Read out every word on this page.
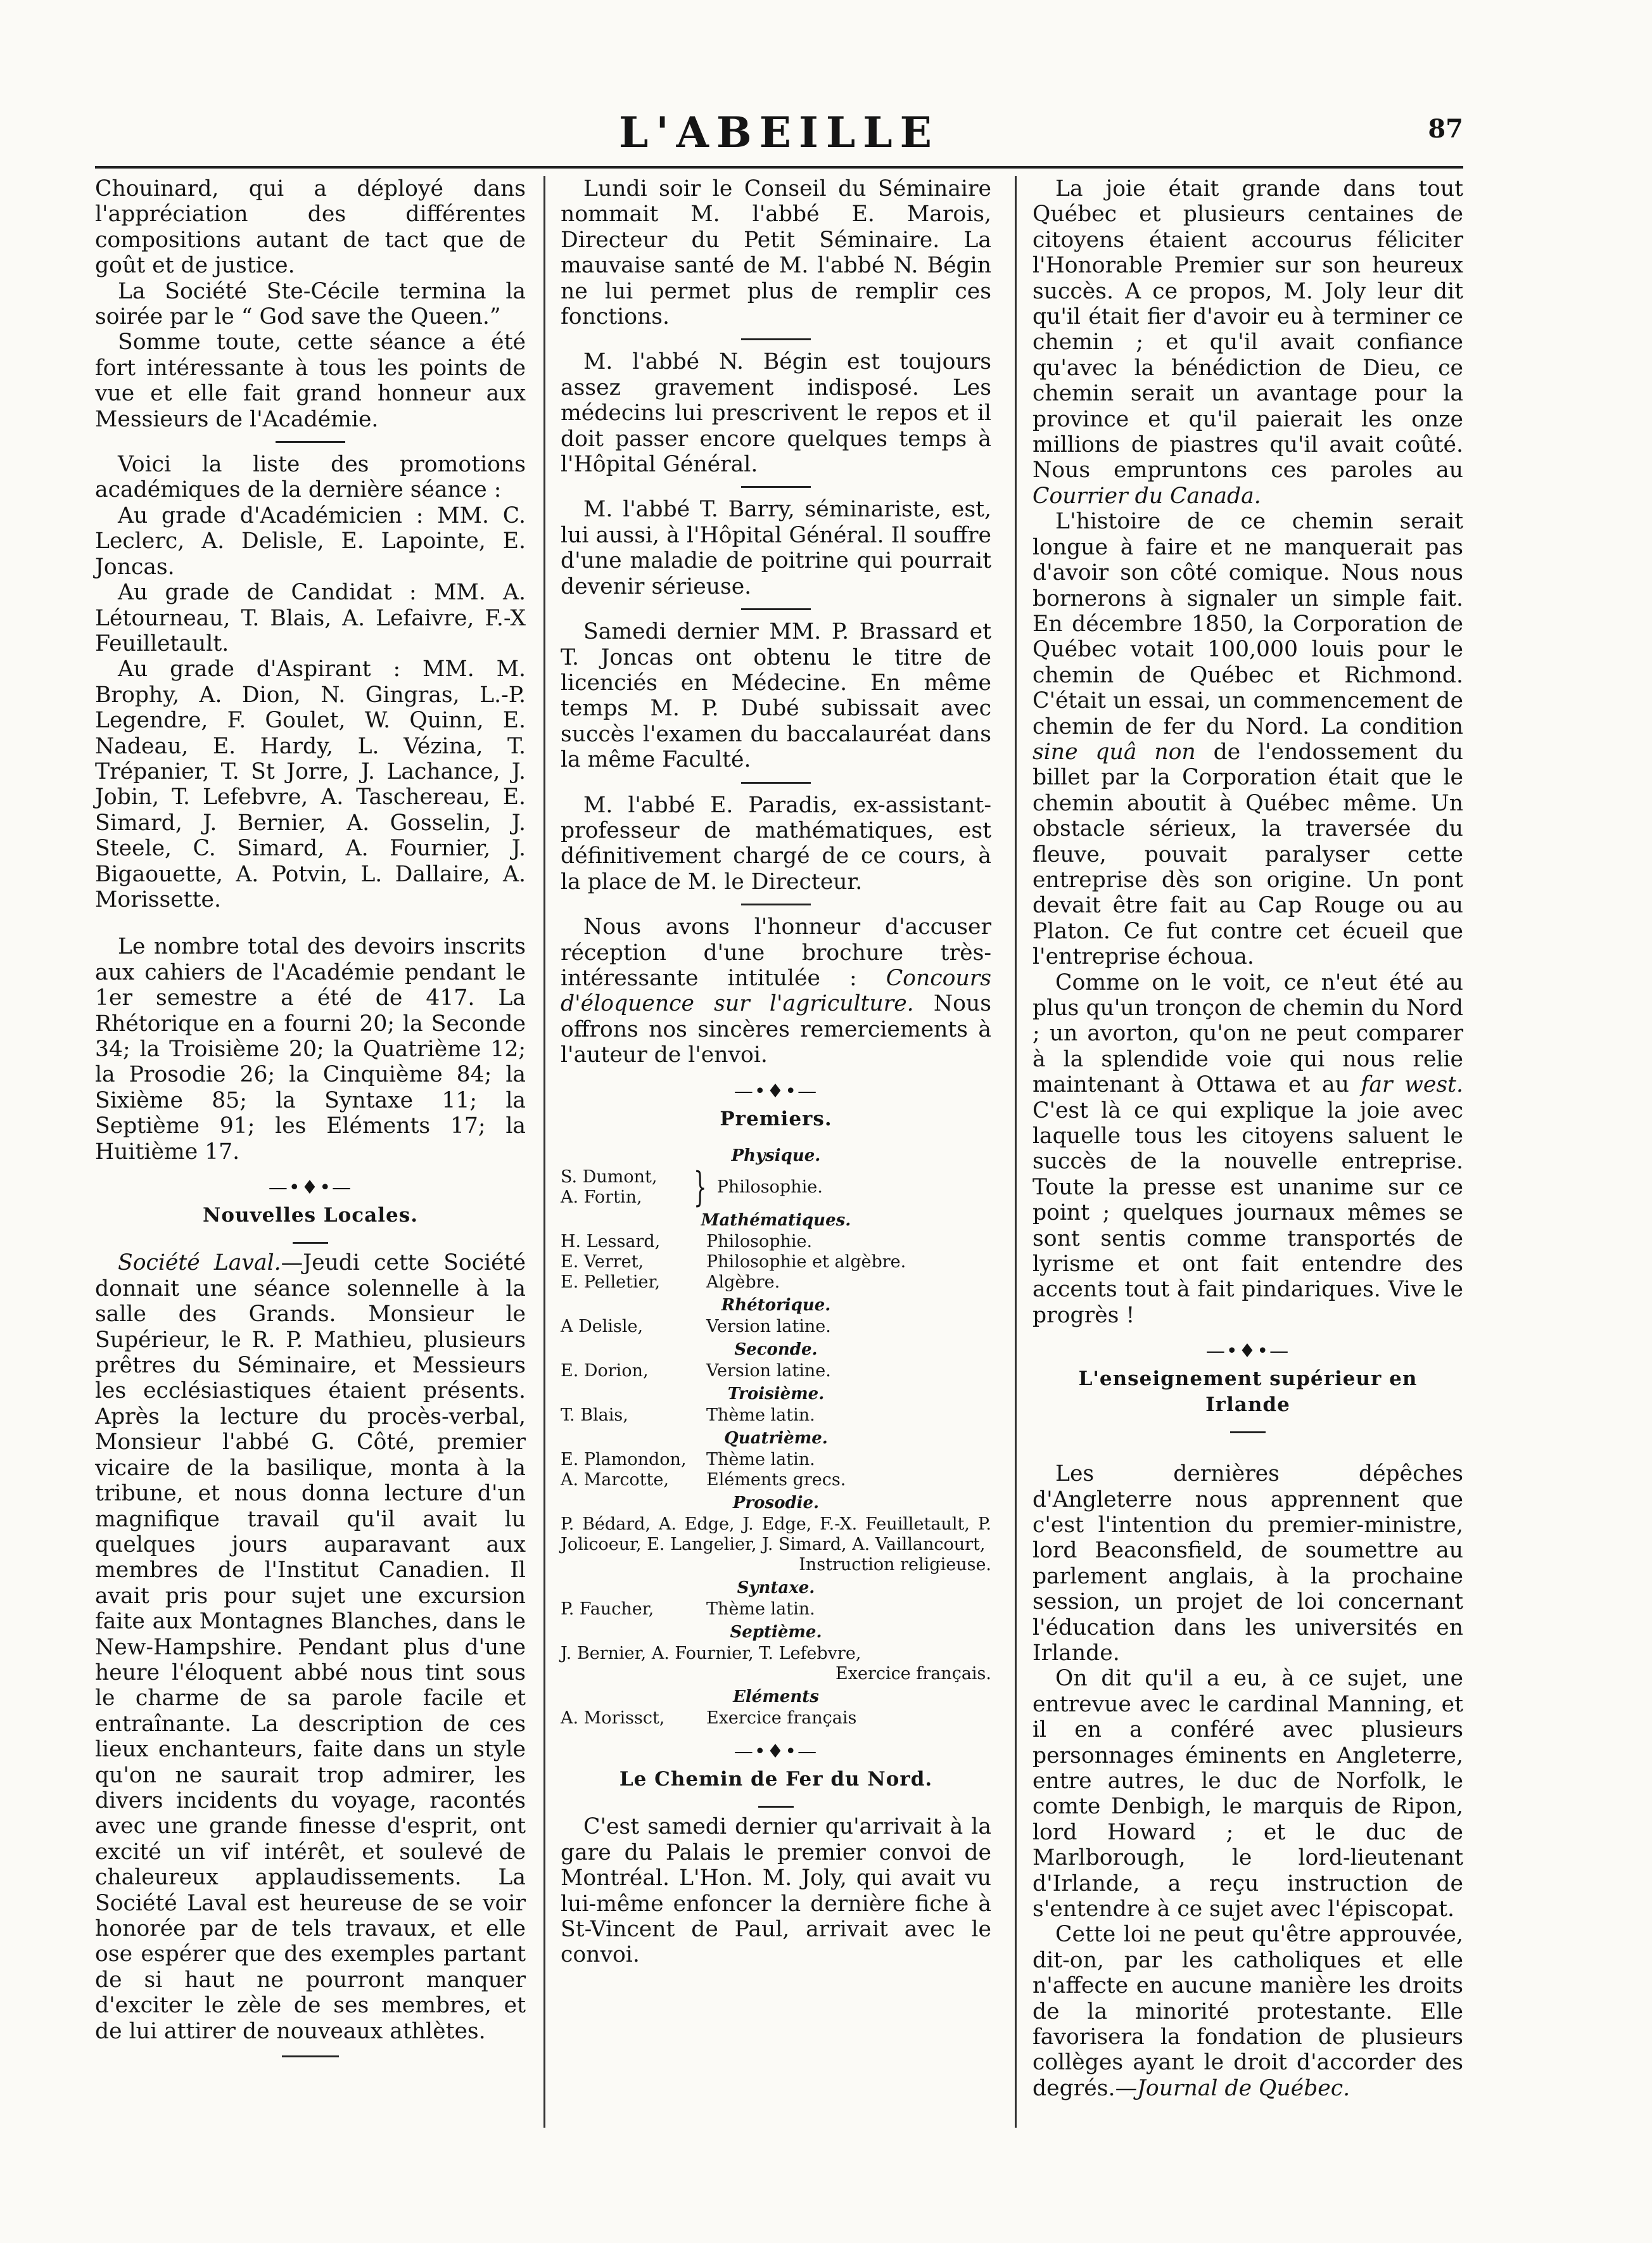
L'ABEILLE	87

Chouinard, qui a déployé dans l'appréciation des différentes compositions autant de tact que de goût et de justice.

La Société Ste-Cécile termina la soirée par le “ God save the Queen.”

Somme toute, cette séance a été fort intéressante à tous les points de vue et elle fait grand honneur aux Messieurs de l'Académie.

Voici la liste des promotions académiques de la dernière séance :

Au grade d'Académicien : MM. C. Leclerc, A. Delisle, E. Lapointe, E. Joncas.

Au grade de Candidat : MM. A. Létourneau, T. Blais, A. Lefaivre, F.-X Feuilletault.

Au grade d'Aspirant : MM. M. Brophy, A. Dion, N. Gingras, L.-P. Legendre, F. Goulet, W. Quinn, E. Nadeau, E. Hardy, L. Vézina, T. Trépanier, T. St Jorre, J. Lachance, J. Jobin, T. Lefebvre, A. Taschereau, E. Simard, J. Bernier, A. Gosselin, J. Steele, C. Simard, A. Fournier, J. Bigaouette, A. Potvin, L. Dallaire, A. Morissette.

Le nombre total des devoirs inscrits aux cahiers de l'Académie pendant le 1er semestre a été de 417. La Rhétorique en a fourni 20; la Seconde 34; la Troisième 20; la Quatrième 12; la Prosodie 26; la Cinquième 84; la Sixième 85; la Syntaxe 11; la Septième 91; les Eléments 17; la Huitième 17.

—•♦•—
Nouvelles Locales.

Société Laval.—Jeudi cette Société donnait une séance solennelle à la salle des Grands. Monsieur le Supérieur, le R. P. Mathieu, plusieurs prêtres du Séminaire, et Messieurs les ecclésiastiques étaient présents. Après la lecture du procès-verbal, Monsieur l'abbé G. Côté, premier vicaire de la basilique, monta à la tribune, et nous donna lecture d'un magnifique travail qu'il avait lu quelques jours auparavant aux membres de l'Institut Canadien. Il avait pris pour sujet une excursion faite aux Montagnes Blanches, dans le New-Hampshire. Pendant plus d'une heure l'éloquent abbé nous tint sous le charme de sa parole facile et entraînante. La description de ces lieux enchanteurs, faite dans un style qu'on ne saurait trop admirer, les divers incidents du voyage, racontés avec une grande finesse d'esprit, ont excité un vif intérêt, et soulevé de chaleureux applaudissements. La Société Laval est heureuse de se voir honorée par de tels travaux, et elle ose espérer que des exemples partant de si haut ne pourront manquer d'exciter le zèle de ses membres, et de lui attirer de nouveaux athlètes.

Lundi soir le Conseil du Séminaire nommait M. l'abbé E. Marois, Directeur du Petit Séminaire. La mauvaise santé de M. l'abbé N. Bégin ne lui permet plus de remplir ces fonctions.

M. l'abbé N. Bégin est toujours assez gravement indisposé. Les médecins lui prescrivent le repos et il doit passer encore quelques temps à l'Hôpital Général.

M. l'abbé T. Barry, séminariste, est, lui aussi, à l'Hôpital Général. Il souffre d'une maladie de poitrine qui pourrait devenir sérieuse.

Samedi dernier MM. P. Brassard et T. Joncas ont obtenu le titre de licenciés en Médecine. En même temps M. P. Dubé subissait avec succès l'examen du baccalauréat dans la même Faculté.

M. l'abbé E. Paradis, ex-assistant-professeur de mathématiques, est définitivement chargé de ce cours, à la place de M. le Directeur.

Nous avons l'honneur d'accuser réception d'une brochure très-intéressante intitulée : Concours d'éloquence sur l'agriculture. Nous offrons nos sincères remerciements à l'auteur de l'envoi.

—•♦•—
Premiers.
Physique.
S. Dumont,
A. Fortin,	} Philosophie.
Mathématiques.
H. Lessard,	Philosophie.
E. Verret,	Philosophie et algèbre.
E. Pelletier,	Algèbre.
Rhétorique.
A Delisle,	Version latine.
Seconde.
E. Dorion,	Version latine.
Troisième.
T. Blais,	Thème latin.
Quatrième.
E. Plamondon,	Thème latin.
A. Marcotte,	Eléments grecs.
Prosodie.
P. Bédard, A. Edge, J. Edge, F.-X. Feuilletault, P. Jolicoeur, E. Langelier, J. Simard, A. Vaillancourt,
Instruction religieuse.
Syntaxe.
P. Faucher,	Thème latin.
Septième.
J. Bernier, A. Fournier, T. Lefebvre,
Exercice français.
Eléments
A. Morissct,	Exercice français
—•♦•—
Le Chemin de Fer du Nord.

C'est samedi dernier qu'arrivait à la gare du Palais le premier convoi de Montréal. L'Hon. M. Joly, qui avait vu lui-même enfoncer la dernière fiche à St-Vincent de Paul, arrivait avec le convoi.

La joie était grande dans tout Québec et plusieurs centaines de citoyens étaient accourus féliciter l'Honorable Premier sur son heureux succès. A ce propos, M. Joly leur dit qu'il était fier d'avoir eu à terminer ce chemin ; et qu'il avait confiance qu'avec la bénédiction de Dieu, ce chemin serait un avantage pour la province et qu'il paierait les onze millions de piastres qu'il avait coûté. Nous empruntons ces paroles au Courrier du Canada.

L'histoire de ce chemin serait longue à faire et ne manquerait pas d'avoir son côté comique. Nous nous bornerons à signaler un simple fait. En décembre 1850, la Corporation de Québec votait 100,000 louis pour le chemin de Québec et Richmond. C'était un essai, un commencement de chemin de fer du Nord. La condition sine quâ non de l'endossement du billet par la Corporation était que le chemin aboutit à Québec même. Un obstacle sérieux, la traversée du fleuve, pouvait paralyser cette entreprise dès son origine. Un pont devait être fait au Cap Rouge ou au Platon. Ce fut contre cet écueil que l'entreprise échoua.

Comme on le voit, ce n'eut été au plus qu'un tronçon de chemin du Nord ; un avorton, qu'on ne peut comparer à la splendide voie qui nous relie maintenant à Ottawa et au far west. C'est là ce qui explique la joie avec laquelle tous les citoyens saluent le succès de la nouvelle entreprise. Toute la presse est unanime sur ce point ; quelques journaux mêmes se sont sentis comme transportés de lyrisme et ont fait entendre des accents tout à fait pindariques. Vive le progrès !

—•♦•—
L'enseignement supérieur en Irlande

Les dernières dépêches d'Angleterre nous apprennent que c'est l'intention du premier-ministre, lord Beaconsfield, de soumettre au parlement anglais, à la prochaine session, un projet de loi concernant l'éducation dans les universités en Irlande.

On dit qu'il a eu, à ce sujet, une entrevue avec le cardinal Manning, et il en a conféré avec plusieurs personnages éminents en Angleterre, entre autres, le duc de Norfolk, le comte Denbigh, le marquis de Ripon, lord Howard ; et le duc de Marlborough, le lord-lieutenant d'Irlande, a reçu instruction de s'entendre à ce sujet avec l'épiscopat.

Cette loi ne peut qu'être approuvée, dit-on, par les catholiques et elle n'affecte en aucune manière les droits de la minorité protestante. Elle favorisera la fondation de plusieurs collèges ayant le droit d'accorder des degrés.—Journal de Québec.
